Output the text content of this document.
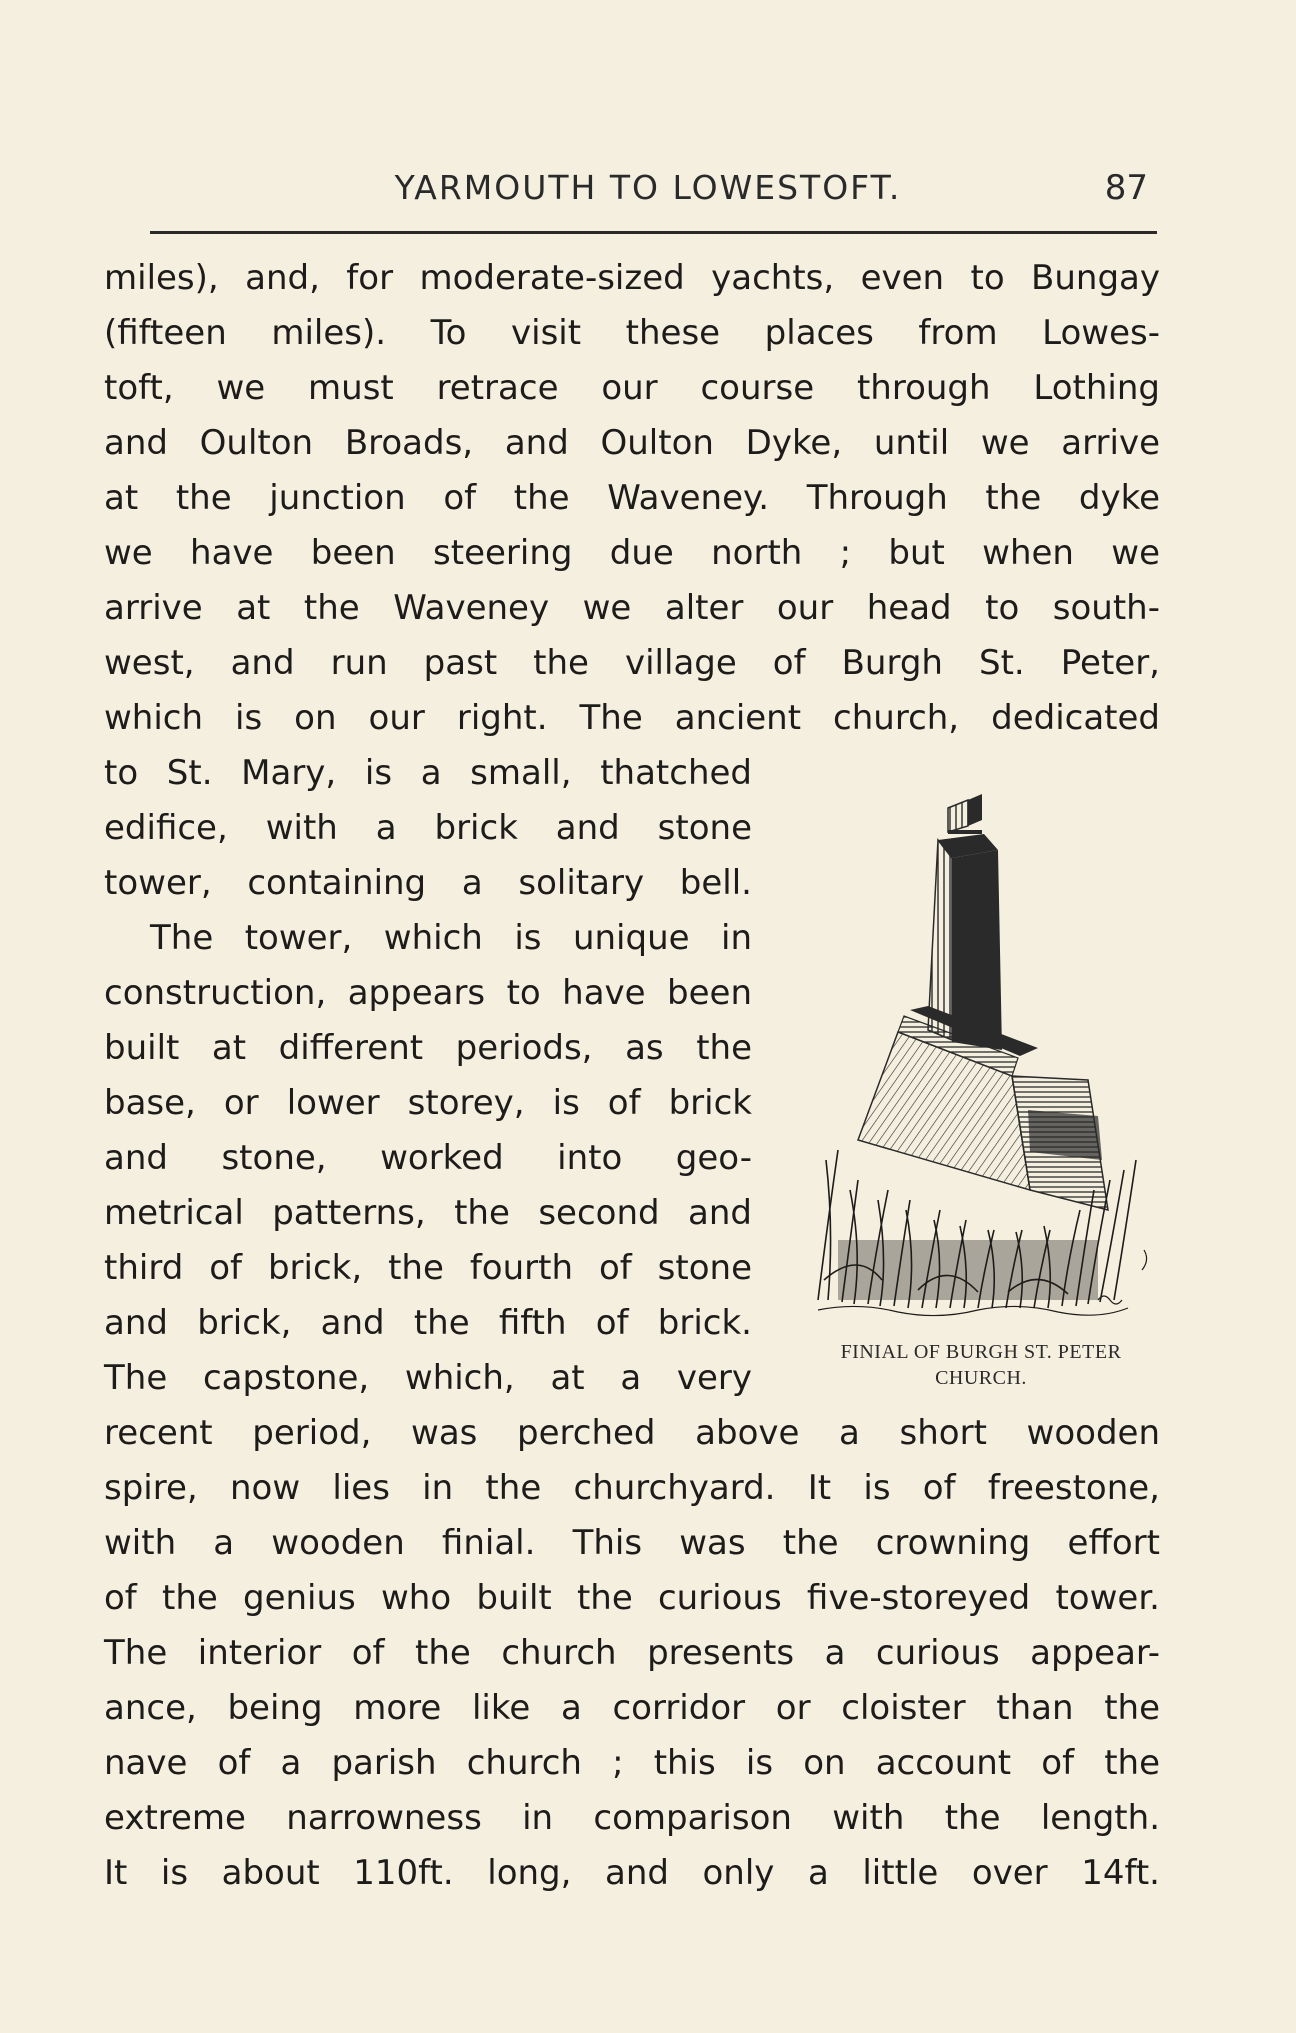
YARMOUTH TO LOWESTOFT.	87
miles), and, for moderate-sized yachts, even to Bungay
(fifteen miles). To visit these places from Lowes-
toft, we must retrace our course through Lothing
and Oulton Broads, and Oulton Dyke, until we arrive
at the junction of the Waveney. Through the dyke
we have been steering due north ; but when we
arrive at the Waveney we alter our head to south-
west, and run past the village of Burgh St. Peter,
which is on our right. The ancient church, dedicated
to St. Mary, is a small, thatched
edifice, with a brick and stone
tower, containing a solitary bell.
The tower, which is unique in
construction, appears to have been
built at different periods, as the
base, or lower storey, is of brick
and stone, worked into geo-
metrical patterns, the second and
third of brick, the fourth of stone
and brick, and the fifth of brick.
The capstone, which, at a very
recent period, was perched above a short wooden
spire, now lies in the churchyard. It is of freestone,
with a wooden finial. This was the crowning effort
of the genius who built the curious five-storeyed tower.
The interior of the church presents a curious appear-
ance, being more like a corridor or cloister than the
nave of a parish church ; this is on account of the
extreme narrowness in comparison with the length.
It is about 110ft. long, and only a little over 14ft.
FINIAL OF BURGH ST. PETER
CHURCH.
